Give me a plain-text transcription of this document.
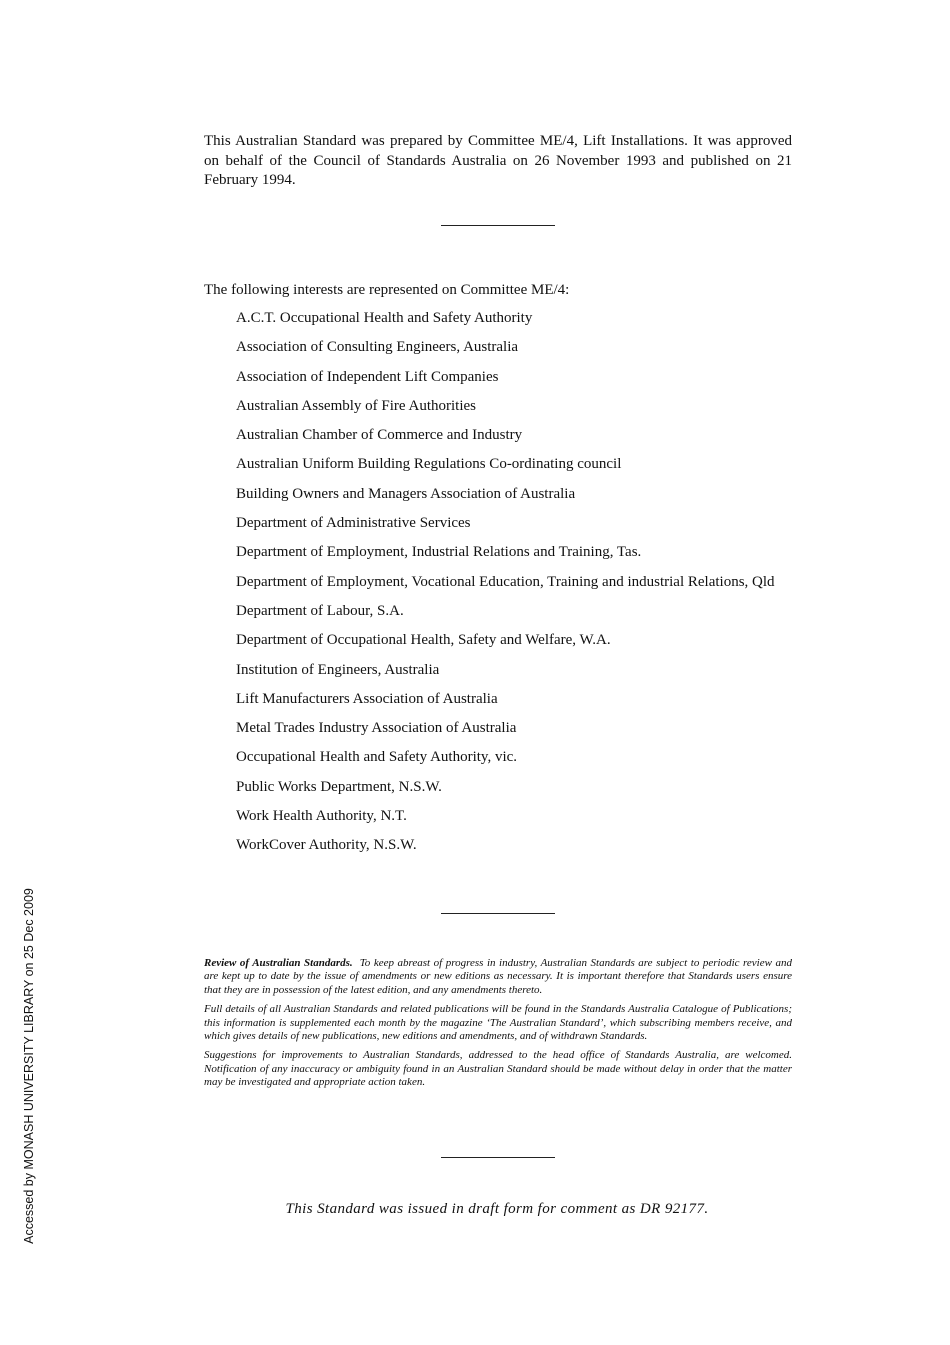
This Australian Standard was prepared by Committee ME/4, Lift Installations. It was approved on behalf of the Council of Standards Australia on 26 November 1993 and published on 21 February 1994.
The following interests are represented on Committee ME/4:
A.C.T. Occupational Health and Safety Authority
Association of Consulting Engineers, Australia
Association of Independent Lift Companies
Australian Assembly of Fire Authorities
Australian Chamber of Commerce and Industry
Australian Uniform Building Regulations Co-ordinating council
Building Owners and Managers Association of Australia
Department of Administrative Services
Department of Employment, Industrial Relations and Training, Tas.
Department of Employment, Vocational Education, Training and industrial Relations, Qld
Department of Labour, S.A.
Department of Occupational Health, Safety and Welfare, W.A.
Institution of Engineers, Australia
Lift Manufacturers Association of Australia
Metal Trades Industry Association of Australia
Occupational Health and Safety Authority, vic.
Public Works Department, N.S.W.
Work Health Authority, N.T.
WorkCover Authority, N.S.W.

Review of Australian Standards. To keep abreast of progress in industry, Australian Standards are subject to periodic review and are kept up to date by the issue of amendments or new editions as necessary. It is important therefore that Standards users ensure that they are in possession of the latest edition, and any amendments thereto.

Full details of all Australian Standards and related publications will be found in the Standards Australia Catalogue of Publications; this information is supplemented each month by the magazine ‘The Australian Standard’, which subscribing members receive, and which gives details of new publications, new editions and amendments, and of withdrawn Standards.

Suggestions for improvements to Australian Standards, addressed to the head office of Standards Australia, are welcomed. Notification of any inaccuracy or ambiguity found in an Australian Standard should be made without delay in order that the matter may be investigated and appropriate action taken.

This Standard was issued in draft form for comment as DR 92177.
Accessed by MONASH UNIVERSITY LIBRARY on 25 Dec 2009
